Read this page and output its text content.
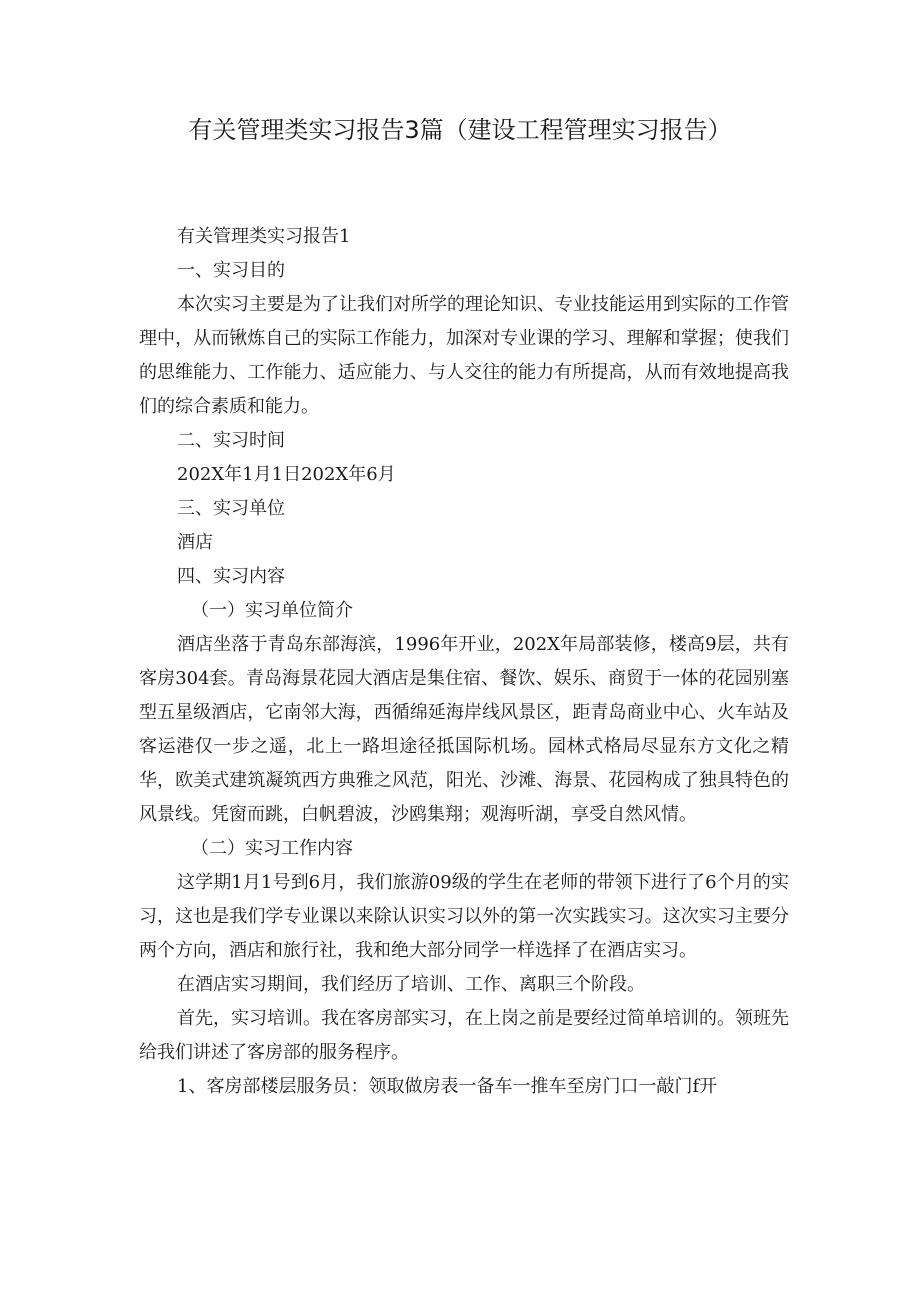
有关管理类实习报告3篇（建设工程管理实习报告）

有关管理类实习报告1

一、实习目的

本次实习主要是为了让我们对所学的理论知识、专业技能运用到实际的工作管理中，从而锹炼自己的实际工作能力，加深对专业课的学习、理解和掌握；使我们的思维能力、工作能力、适应能力、与人交往的能力有所提高，从而有效地提高我们的综合素质和能力。

二、实习时间

202X年1月1日202X年6月

三、实习单位

酒店

四、实习内容

（一）实习单位简介

酒店坐落于青岛东部海滨，1996年开业，202X年局部装修，楼高9层，共有客房304套。青岛海景花园大酒店是集住宿、餐饮、娱乐、商贸于一体的花园别塞型五星级酒店，它南邻大海，西循绵延海岸线风景区，距青岛商业中心、火车站及客运港仅一步之遥，北上一路坦途径抵国际机场。园林式格局尽显东方文化之精华，欧美式建筑凝筑西方典雅之风范，阳光、沙滩、海景、花园构成了独具特色的风景线。凭窗而跳，白帆碧波，沙鸥集翔；观海听湖，享受自然风情。

（二）实习工作内容

这学期1月1号到6月，我们旅游09级的学生在老师的带领下进行了6个月的实习，这也是我们学专业课以来除认识实习以外的第一次实践实习。这次实习主要分两个方向，酒店和旅行社，我和绝大部分同学一样选择了在酒店实习。

在酒店实习期间，我们经历了培训、工作、离职三个阶段。

首先，实习培训。我在客房部实习，在上岗之前是要经过简单培训的。领班先给我们讲述了客房部的服务程序。

1、客房部楼层服务员：领取做房表一备车一推车至房门口一敲门f开
